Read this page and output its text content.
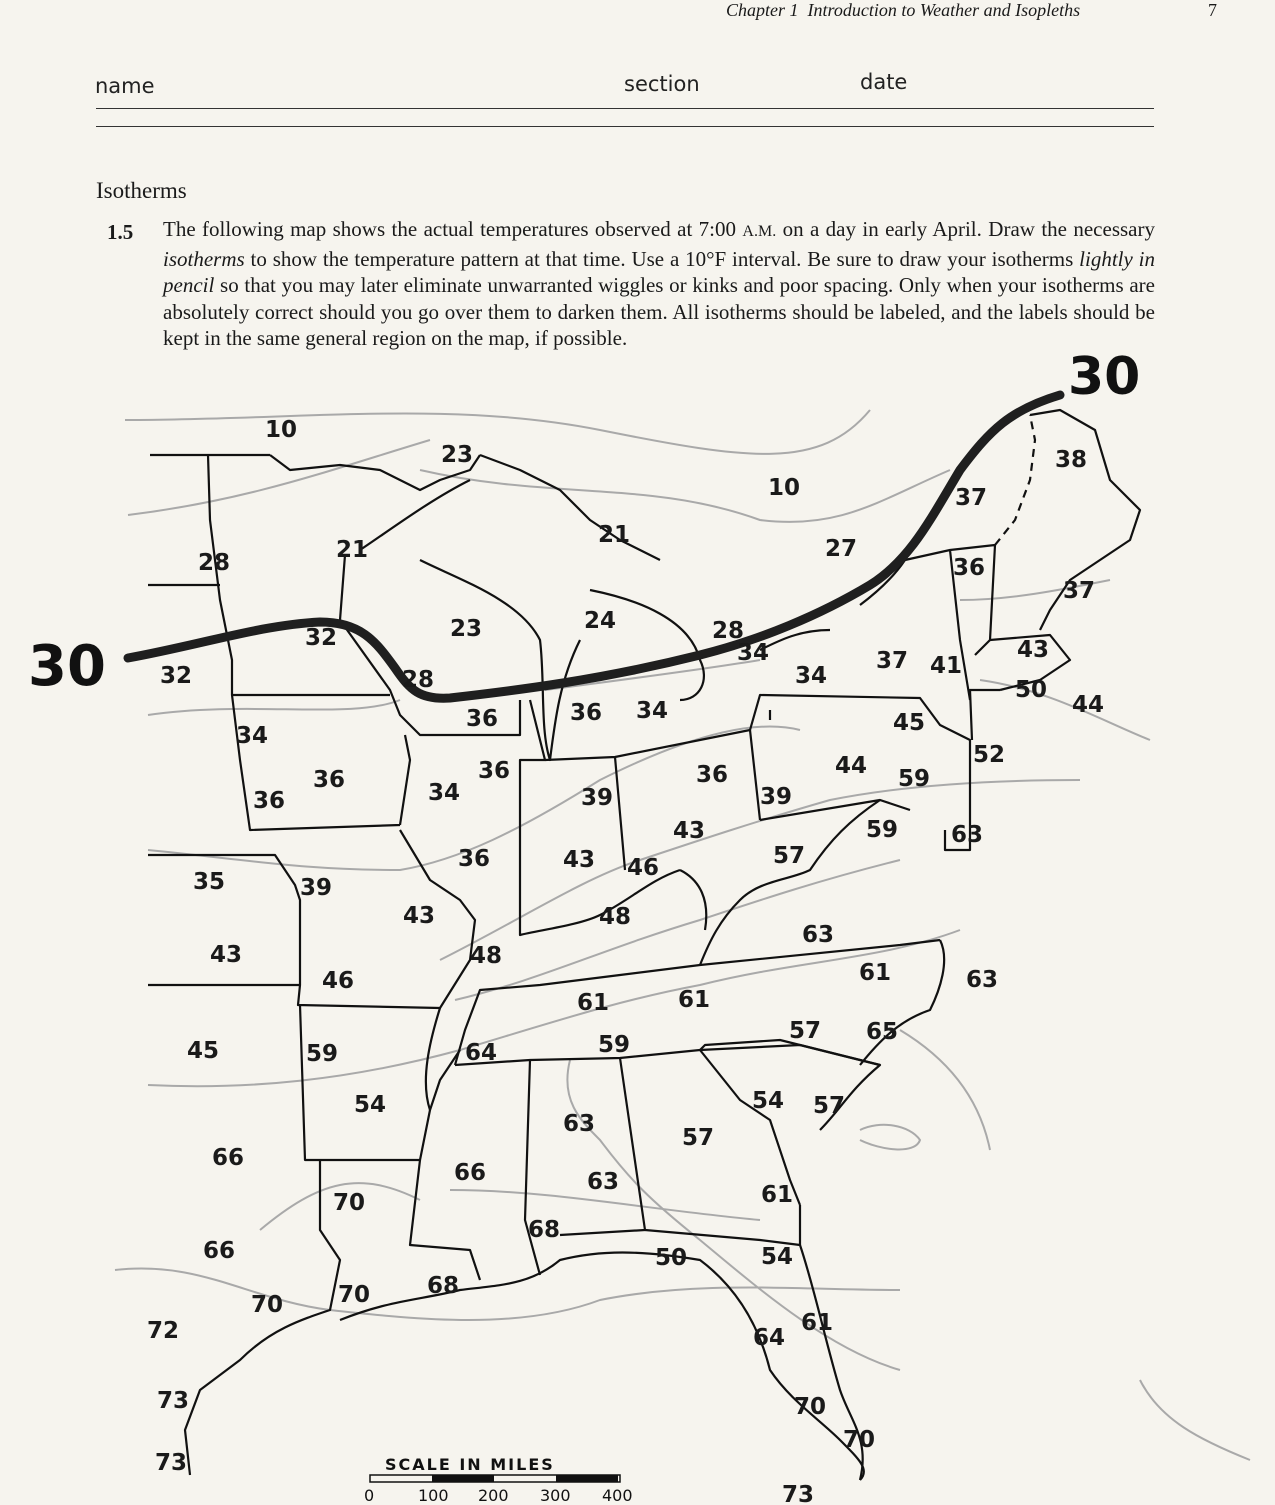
Chapter 1 Introduction to Weather and Isopleths	7
name	section	date
Isotherms
1.5 The following map shows the actual temperatures observed at 7:00 A.M. on a day in early April. Draw the necessary isotherms to show the temperature pattern at that time. Use a 10°F interval. Be sure to draw your isotherms lightly in pencil so that you may later eliminate unwarranted wiggles or kinks and poor spacing. Only when your isotherms are absolutely correct should you go over them to darken them. All isotherms should be labeled, and the labels should be kept in the same general region on the map, if possible.
SCALE IN MILES
0	100 200 300 400
30
30
10
10
23
21
21
28
27
37
38
36
37
32
32
23	24	28
34
34
37 41
43
50
44
28
36	36 34	45
52
34
36
36	34
36
39
36	44 59
39
43	63
35	39
36	43 46	57
59
48
43
43
63
48
46
61	61
61	63
45	59	64	59
57 65
54	54 57
66
63
57
66	63
70	61
66
68
50	54
68
70
61
72
70
64
73	70
73
70
73
